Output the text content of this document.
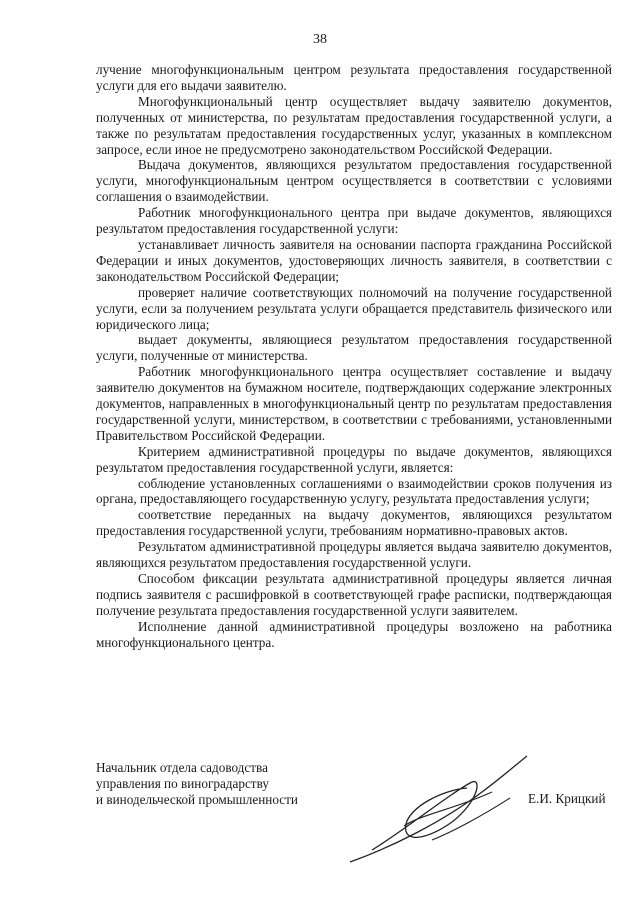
38

лучение многофункциональным центром результата предоставления государственной услуги для его выдачи заявителю.

Многофункциональный центр осуществляет выдачу заявителю документов, полученных от министерства, по результатам предоставления государственной услуги, а также по результатам предоставления государственных услуг, указанных в комплексном запросе, если иное не предусмотрено законодательством Российской Федерации.

Выдача документов, являющихся результатом предоставления государственной услуги, многофункциональным центром осуществляется в соответствии с условиями соглашения о взаимодействии.

Работник многофункционального центра при выдаче документов, являющихся результатом предоставления государственной услуги:

устанавливает личность заявителя на основании паспорта гражданина Российской Федерации и иных документов, удостоверяющих личность заявителя, в соответствии с законодательством Российской Федерации;

проверяет наличие соответствующих полномочий на получение государственной услуги, если за получением результата услуги обращается представитель физического или юридического лица;

выдает документы, являющиеся результатом предоставления государственной услуги, полученные от министерства.

Работник многофункционального центра осуществляет составление и выдачу заявителю документов на бумажном носителе, подтверждающих содержание электронных документов, направленных в многофункциональный центр по результатам предоставления государственной услуги, министерством, в соответствии с требованиями, установленными Правительством Российской Федерации.

Критерием административной процедуры по выдаче документов, являющихся результатом предоставления государственной услуги, является:

соблюдение установленных соглашениями о взаимодействии сроков получения из органа, предоставляющего государственную услугу, результата предоставления услуги;

соответствие переданных на выдачу документов, являющихся результатом предоставления государственной услуги, требованиям нормативно-правовых актов.

Результатом административной процедуры является выдача заявителю документов, являющихся результатом предоставления государственной услуги.

Способом фиксации результата административной процедуры является личная подпись заявителя с расшифровкой в соответствующей графе расписки, подтверждающая получение результата предоставления государственной услуги заявителем.

Исполнение данной административной процедуры возложено на работника многофункционального центра.

Начальник отдела садоводства
управления по виноградарству
и винодельческой промышленности	Е.И. Крицкий
